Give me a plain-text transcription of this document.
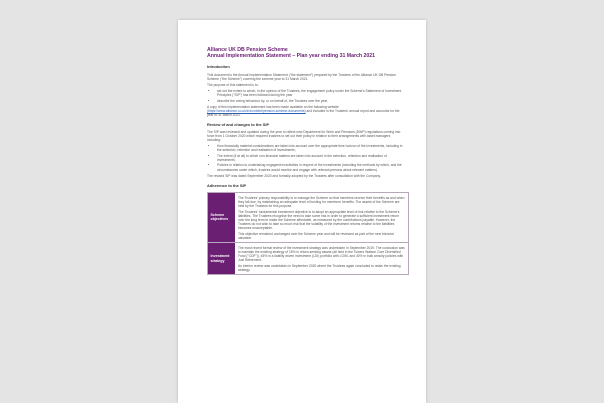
Alliance UK DB Pension Scheme
Annual Implementation Statement – Plan year ending 31 March 2021
Introduction

This document is the Annual Implementation Statement ("the statement") prepared by the Trustees of the Alliance UK DB Pension Scheme ("the Scheme") covering the scheme year to 31 March 2021.

The purpose of this statement is to:

• set out the extent to which, in the opinion of the Trustees, the engagement policy under the Scheme's Statement of Investment Principles ("SIP") has been followed during the year
• describe the voting behaviour by, or on behalf of, the Trustees over the year.

A copy of this implementation statement has been made available on the following website (https://www.alliance.co.uk/en/content/pension-scheme-documents) and included in the Trustees' annual report and accounts for the year to 31 March 2021.

Review of and changes to the SIP

The SIP was reviewed and updated during the year to reflect new Department for Work and Pensions (DWP) regulations coming into force from 1 October 2020 which required trustees to set out their policy in relation to their arrangements with asset managers including:

• How financially material considerations are taken into account over the appropriate time horizon of the investments, including in the selection, retention and realisation of investments;
• The extent (if at all) to which non-financial matters are taken into account in the selection, retention and realisation of investments;
• Policies in relation to undertaking engagement activities in respect of the investments (including the methods by which, and the circumstances under which, trustees would monitor and engage with relevant persons about relevant matters).

The revised SIP was dated September 2020 and formally adopted by the Trustees after consultation with the Company.

Adherence to the SIP
Scheme objectives

The Trustees' primary responsibility is to manage the Scheme so that members receive their benefits as and when they fall due, by maintaining an adequate level of funding for members' benefits. The assets of the Scheme are held by the Trustees for this purpose.

The Trustees' fundamental investment objective is to adopt an appropriate level of risk relative to the Scheme's liabilities. The Trustees recognise the need to take some risk in order to generate a sufficient investment return over the long term to make the Scheme affordable, as measured by the contributions payable. However, the Trustees do not wish to take so much risk that the volatility of the investment returns relative to the liabilities becomes unacceptable.

This objective remained unchanged over the Scheme year and will be reviewed as part of the next triennial valuation.

Investment strategy

The most recent formal review of the investment strategy was undertaken in September 2019. The conclusion was to maintain the existing strategy of 15% in return-seeking assets (all held in the Towers Watson Core Diversified Fund ("CDF")), 45% in a liability driven investment (LDI) portfolio with LGIM, and 40% in bulk annuity policies with Just Retirement.

An interim review was undertaken in September 2020 where the Trustees again concluded to retain the existing strategy.
